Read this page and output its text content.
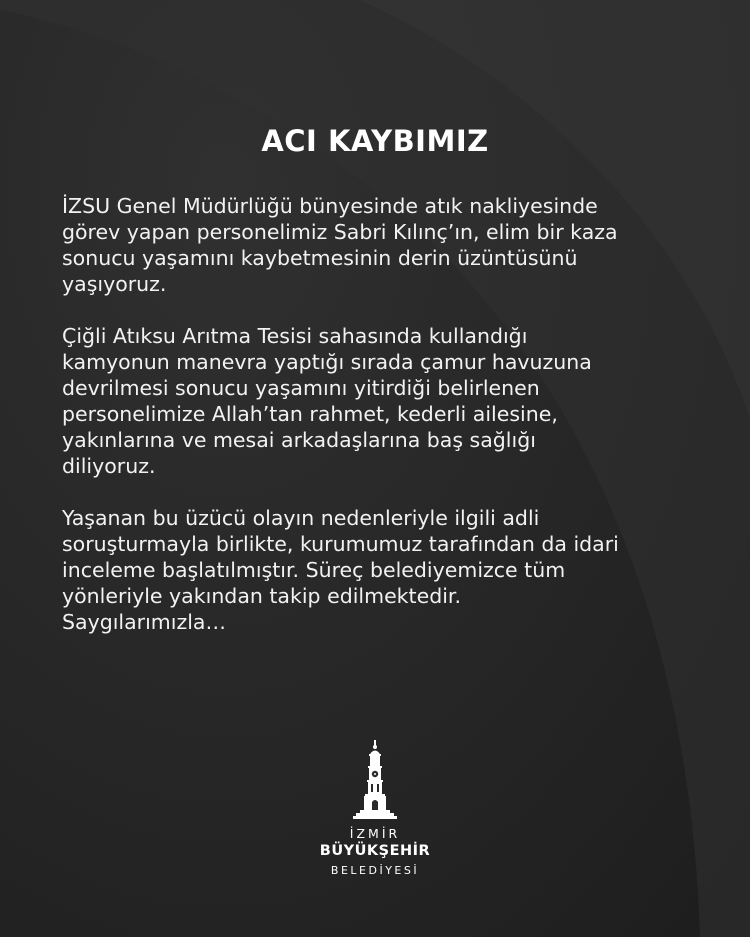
ACI KAYBIMIZ

İZSU Genel Müdürlüğü bünyesinde atık nakliyesinde
görev yapan personelimiz Sabri Kılınç’ın, elim bir kaza
sonucu yaşamını kaybetmesinin derin üzüntüsünü
yaşıyoruz.

Çiğli Atıksu Arıtma Tesisi sahasında kullandığı
kamyonun manevra yaptığı sırada çamur havuzuna
devrilmesi sonucu yaşamını yitirdiği belirlenen
personelimize Allah’tan rahmet, kederli ailesine,
yakınlarına ve mesai arkadaşlarına baş sağlığı
diliyoruz.

Yaşanan bu üzücü olayın nedenleriyle ilgili adli
soruşturmayla birlikte, kurumumuz tarafından da idari
inceleme başlatılmıştır. Süreç belediyemizce tüm
yönleriyle yakından takip edilmektedir.
Saygılarımızla…

İZMİR
BÜYÜKŞEHİR
BELEDİYESİ
